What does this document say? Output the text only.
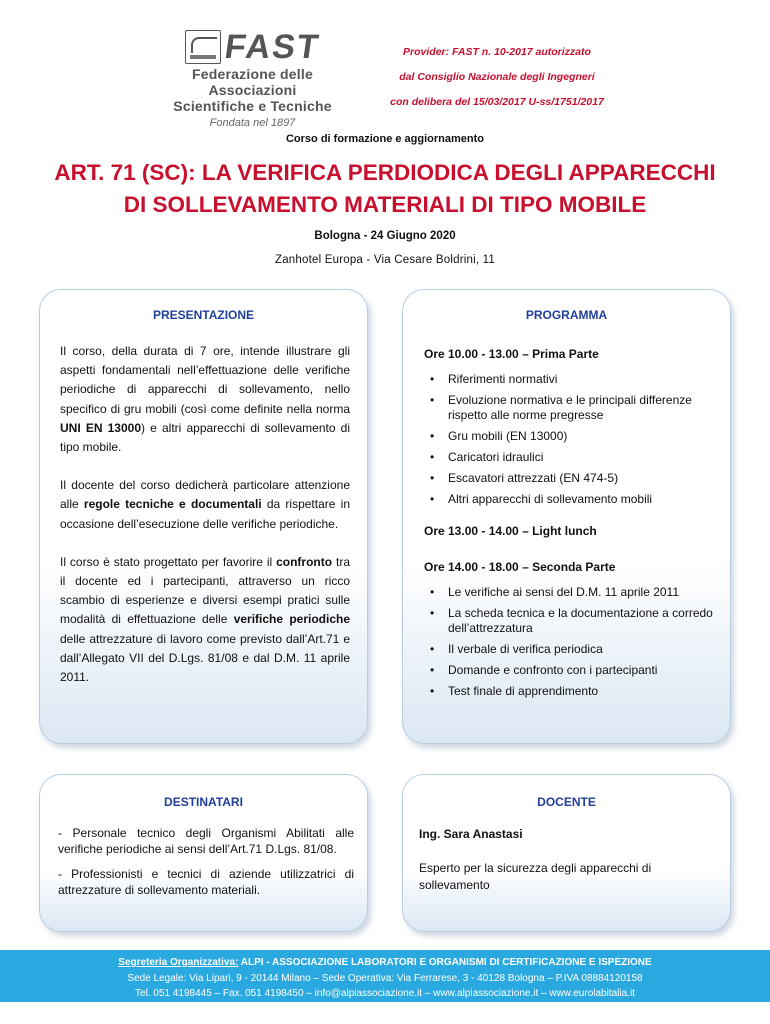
FAST
Federazione delle Associazioni
Scientifiche e Tecniche
Fondata nel 1897
Provider: FAST n. 10-2017 autorizzato
dal Consiglio Nazionale degli Ingegneri
con delibera del 15/03/2017 U-ss/1751/2017
Corso di formazione e aggiornamento
ART. 71 (SC): LA VERIFICA PERDIODICA DEGLI APPARECCHI
DI SOLLEVAMENTO MATERIALI DI TIPO MOBILE
Bologna - 24 Giugno 2020
Zanhotel Europa - Via Cesare Boldrini, 11
PRESENTAZIONE

Il corso, della durata di 7 ore, intende illustrare gli aspetti fondamentali nell’effettuazione delle verifiche periodiche di apparecchi di sollevamento, nello specifico di gru mobili (così come definite nella norma UNI EN 13000) e altri apparecchi di sollevamento di tipo mobile.

Il docente del corso dedicherà particolare attenzione alle regole tecniche e documentali da rispettare in occasione dell’esecuzione delle verifiche periodiche.

Il corso è stato progettato per favorire il confronto tra il docente ed i partecipanti, attraverso un ricco scambio di esperienze e diversi esempi pratici sulle modalità di effettuazione delle verifiche periodiche delle attrezzature di lavoro come previsto dall’Art.71 e dall’Allegato VII del D.Lgs. 81/08 e dal D.M. 11 aprile 2011.

PROGRAMMA
Ore 10.00 - 13.00 – Prima Parte
• Riferimenti normativi
• Evoluzione normativa e le principali differenze rispetto alle norme pregresse
• Gru mobili (EN 13000)
• Caricatori idraulici
• Escavatori attrezzati (EN 474-5)
• Altri apparecchi di sollevamento mobili
Ore 13.00 - 14.00 – Light lunch
Ore 14.00 - 18.00 – Seconda Parte
• Le verifiche ai sensi del D.M. 11 aprile 2011
• La scheda tecnica e la documentazione a corredo dell’attrezzatura
• Il verbale di verifica periodica
• Domande e confronto con i partecipanti
• Test finale di apprendimento
DESTINATARI

- Personale tecnico degli Organismi Abilitati alle verifiche periodiche ai sensi dell’Art.71 D.Lgs. 81/08.

- Professionisti e tecnici di aziende utilizzatrici di attrezzature di sollevamento materiali.

DOCENTE
Ing. Sara Anastasi
Esperto per la sicurezza degli apparecchi di sollevamento
Segreteria Organizzativa: ALPI - ASSOCIAZIONE LABORATORI E ORGANISMI DI CERTIFICAZIONE E ISPEZIONE
Sede Legale: Via Lipari, 9 - 20144 Milano – Sede Operativa: Via Ferrarese, 3 - 40128 Bologna – P.IVA 08884120158
Tel. 051 4198445 – Fax. 051 4198450 – info@alpiassociazione.it – www.alpiassociazione.it – www.eurolabitalia.it
